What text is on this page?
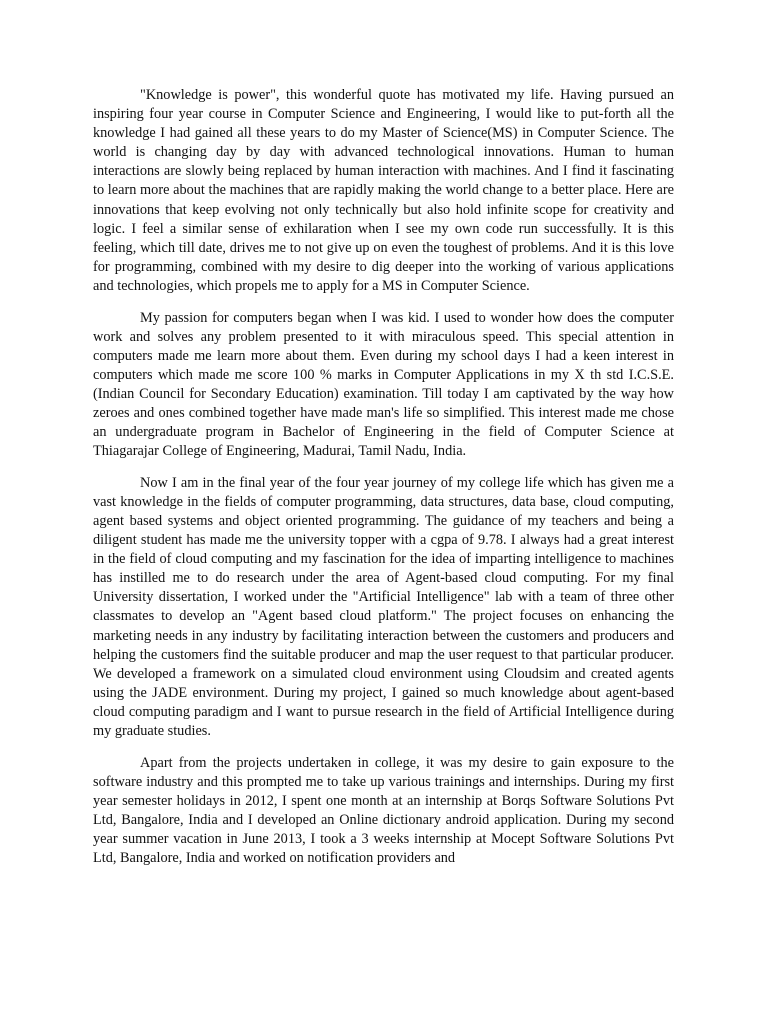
"Knowledge is power", this wonderful quote has motivated my life. Having pursued an inspiring four year course in Computer Science and Engineering, I would like to put-forth all the knowledge I had gained all these years to do my Master of Science(MS) in Computer Science. The world is changing day by day with advanced technological innovations. Human to human interactions are slowly being replaced by human interaction with machines. And I find it fascinating to learn more about the machines that are rapidly making the world change to a better place. Here are innovations that keep evolving not only technically but also hold infinite scope for creativity and logic. I feel a similar sense of exhilaration when I see my own code run successfully. It is this feeling, which till date, drives me to not give up on even the toughest of problems. And it is this love for programming, combined with my desire to dig deeper into the working of various applications and technologies, which propels me to apply for a MS in Computer Science.

My passion for computers began when I was kid. I used to wonder how does the computer work and solves any problem presented to it with miraculous speed. This special attention in computers made me learn more about them. Even during my school days I had a keen interest in computers which made me score 100 % marks in Computer Applications in my X th std I.C.S.E. (Indian Council for Secondary Education) examination. Till today I am captivated by the way how zeroes and ones combined together have made man's life so simplified. This interest made me chose an undergraduate program in Bachelor of Engineering in the field of Computer Science at Thiagarajar College of Engineering, Madurai, Tamil Nadu, India.

Now I am in the final year of the four year journey of my college life which has given me a vast knowledge in the fields of computer programming, data structures, data base, cloud computing, agent based systems and object oriented programming. The guidance of my teachers and being a diligent student has made me the university topper with a cgpa of 9.78. I always had a great interest in the field of cloud computing and my fascination for the idea of imparting intelligence to machines has instilled me to do research under the area of Agent-based cloud computing. For my final University dissertation, I worked under the "Artificial Intelligence" lab with a team of three other classmates to develop an "Agent based cloud platform." The project focuses on enhancing the marketing needs in any industry by facilitating interaction between the customers and producers and helping the customers find the suitable producer and map the user request to that particular producer. We developed a framework on a simulated cloud environment using Cloudsim and created agents using the JADE environment. During my project, I gained so much knowledge about agent-based cloud computing paradigm and I want to pursue research in the field of Artificial Intelligence during my graduate studies.

Apart from the projects undertaken in college, it was my desire to gain exposure to the software industry and this prompted me to take up various trainings and internships. During my first year semester holidays in 2012, I spent one month at an internship at Borqs Software Solutions Pvt Ltd, Bangalore, India and I developed an Online dictionary android application. During my second year summer vacation in June 2013, I took a 3 weeks internship at Mocept Software Solutions Pvt Ltd, Bangalore, India and worked on notification providers and
